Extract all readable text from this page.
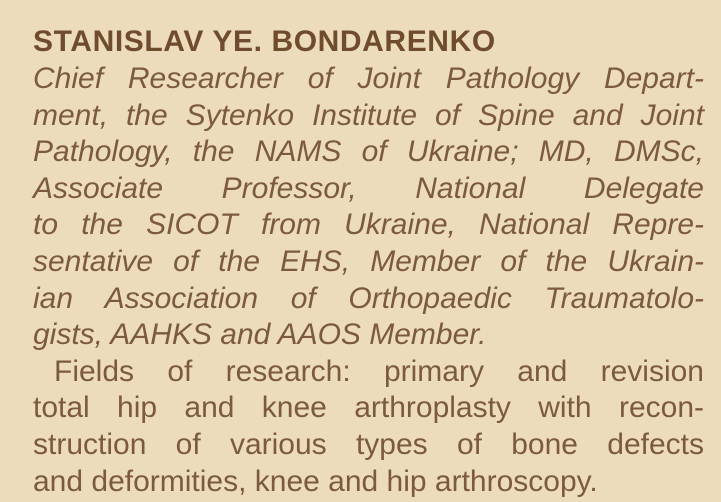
STANISLAV YE. BONDARENKO
Chief Researcher of Joint Pathology Depart-
ment, the Sytenko Institute of Spine and Joint
Pathology, the NAMS of Ukraine; MD, DMSc,
Associate Professor, National Delegate
to the SICOT from Ukraine, National Repre-
sentative of the EHS, Member of the Ukrain-
ian Association of Orthopaedic Traumatolo-
gists, AAHKS and AAOS Member.
Fields of research: primary and revision
total hip and knee arthroplasty with recon-
struction of various types of bone defects
and deformities, knee and hip arthroscopy.
